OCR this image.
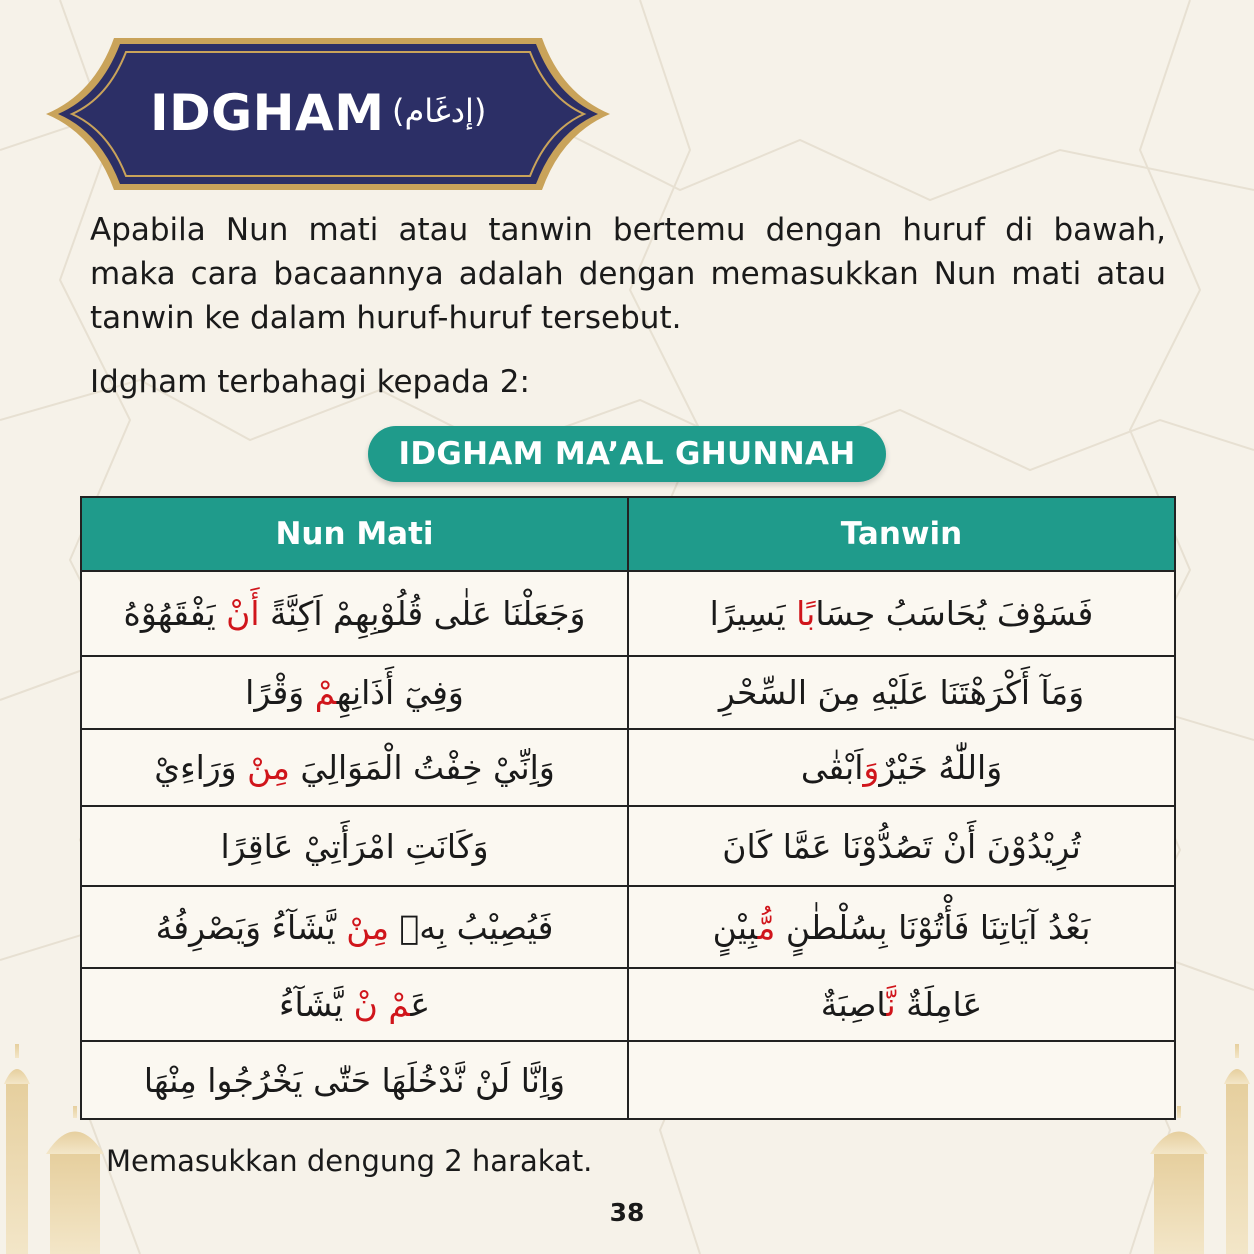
IDGHAM (إدغَام)

Apabila Nun mati atau tanwin bertemu dengan huruf di bawah, maka cara bacaannya adalah dengan memasukkan Nun mati atau tanwin ke dalam huruf-huruf tersebut.

Idgham terbahagi kepada 2:

IDGHAM MA’AL GHUNNAH
Nun Mati	Tanwin
وَجَعَلْنَا عَلٰى قُلُوْبِهِمْ اَكِنَّةً أَنْ يَفْقَهُوْهُ	فَسَوْفَ يُحَاسَبُ حِسَابًا يَسِيرًا
وَفِيٓ أَذَانِهِمْ وَقْرًا	وَمَآ أَكْرَهْتَنَا عَلَيْهِ مِنَ السِّحْرِ
وَاِنِّيْ خِفْتُ الْمَوَالِيَ مِنْ وَرَاءِيْ	وَاللّٰهُ خَيْرٌوَاَبْقٰى
وَكَانَتِ امْرَأَتِيْ عَاقِرًا	تُرِيْدُوْنَ أَنْ تَصُدُّوْنَا عَمَّا كَانَ
فَيُصِيْبُ بِهٖ مِنْ يَّشَآءُ وَيَصْرِفُهُ	بَعْدُ آيَاتِنَا فَأْتُوْنَا بِسُلْطٰنٍ مُّبِيْنٍ
عَمْ نْ يَّشَآءُ	عَامِلَةٌ نَّاصِبَةٌ
وَاِنَّا لَنْ نَّدْخُلَهَا حَتّٰى يَخْرُجُوا مِنْهَا	

Memasukkan dengung 2 harakat.

38
